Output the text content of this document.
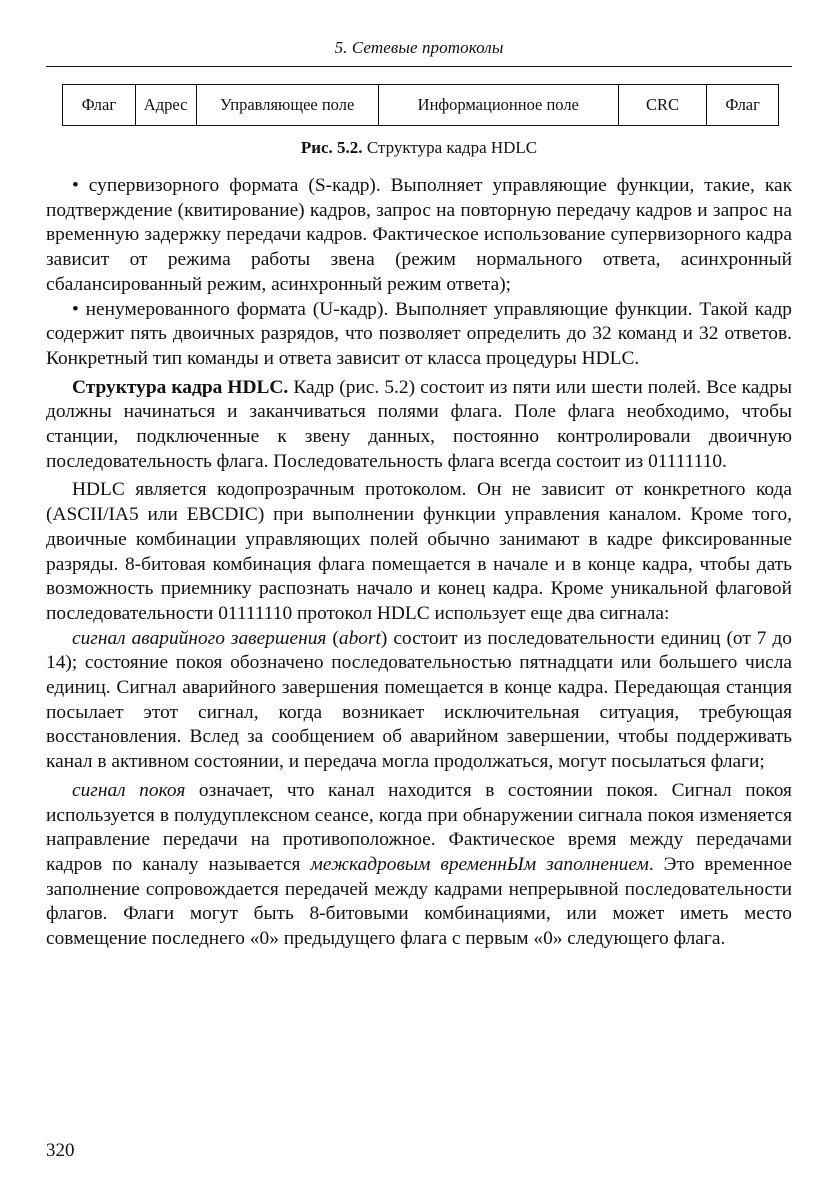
5. Сетевые протоколы
Флаг	Адрес	Управляющее поле	Информационное поле	CRC	Флаг
Рис. 5.2. Структура кадра HDLC

• супервизорного формата (S-кадр). Выполняет управляющие функции, такие, как подтверждение (квитирование) кадров, запрос на повторную передачу кадров и запрос на временную задержку передачи кадров. Фактическое использование супервизорного кадра зависит от режима работы звена (режим нормального ответа, асинхронный сбалансированный режим, асинхронный режим ответа);

• ненумерованного формата (U-кадр). Выполняет управляющие функции. Такой кадр содержит пять двоичных разрядов, что позволяет определить до 32 команд и 32 ответов. Конкретный тип команды и ответа зависит от класса процедуры HDLC.

Структура кадра HDLC. Кадр (рис. 5.2) состоит из пяти или шести полей. Все кадры должны начинаться и заканчиваться полями флага. Поле флага необходимо, чтобы станции, подключенные к звену данных, постоянно контролировали двоичную последовательность флага. Последовательность флага всегда состоит из 01111110.

HDLC является кодопрозрачным протоколом. Он не зависит от конкретного кода (ASCII/IA5 или EBCDIC) при выполнении функции управления каналом. Кроме того, двоичные комбинации управляющих полей обычно занимают в кадре фиксированные разряды. 8-битовая комбинация флага помещается в начале и в конце кадра, чтобы дать возможность приемнику распознать начало и конец кадра. Кроме уникальной флаговой последовательности 01111110 протокол HDLC использует еще два сигнала:

сигнал аварийного завершения (abort) состоит из последовательности единиц (от 7 до 14); состояние покоя обозначено последовательностью пятнадцати или большего числа единиц. Сигнал аварийного завершения помещается в конце кадра. Передающая станция посылает этот сигнал, когда возникает исключительная ситуация, требующая восстановления. Вслед за сообщением об аварийном завершении, чтобы поддерживать канал в активном состоянии, и передача могла продолжаться, могут посылаться флаги;

сигнал покоя означает, что канал находится в состоянии покоя. Сигнал покоя используется в полудуплексном сеансе, когда при обнаружении сигнала покоя изменяется направление передачи на противоположное. Фактическое время между передачами кадров по каналу называется межкадровым временнЫм заполнением. Это временное заполнение сопровождается передачей между кадрами непрерывной последовательности флагов. Флаги могут быть 8-битовыми комбинациями, или может иметь место совмещение последнего «0» предыдущего флага с первым «0» следующего флага.

320
